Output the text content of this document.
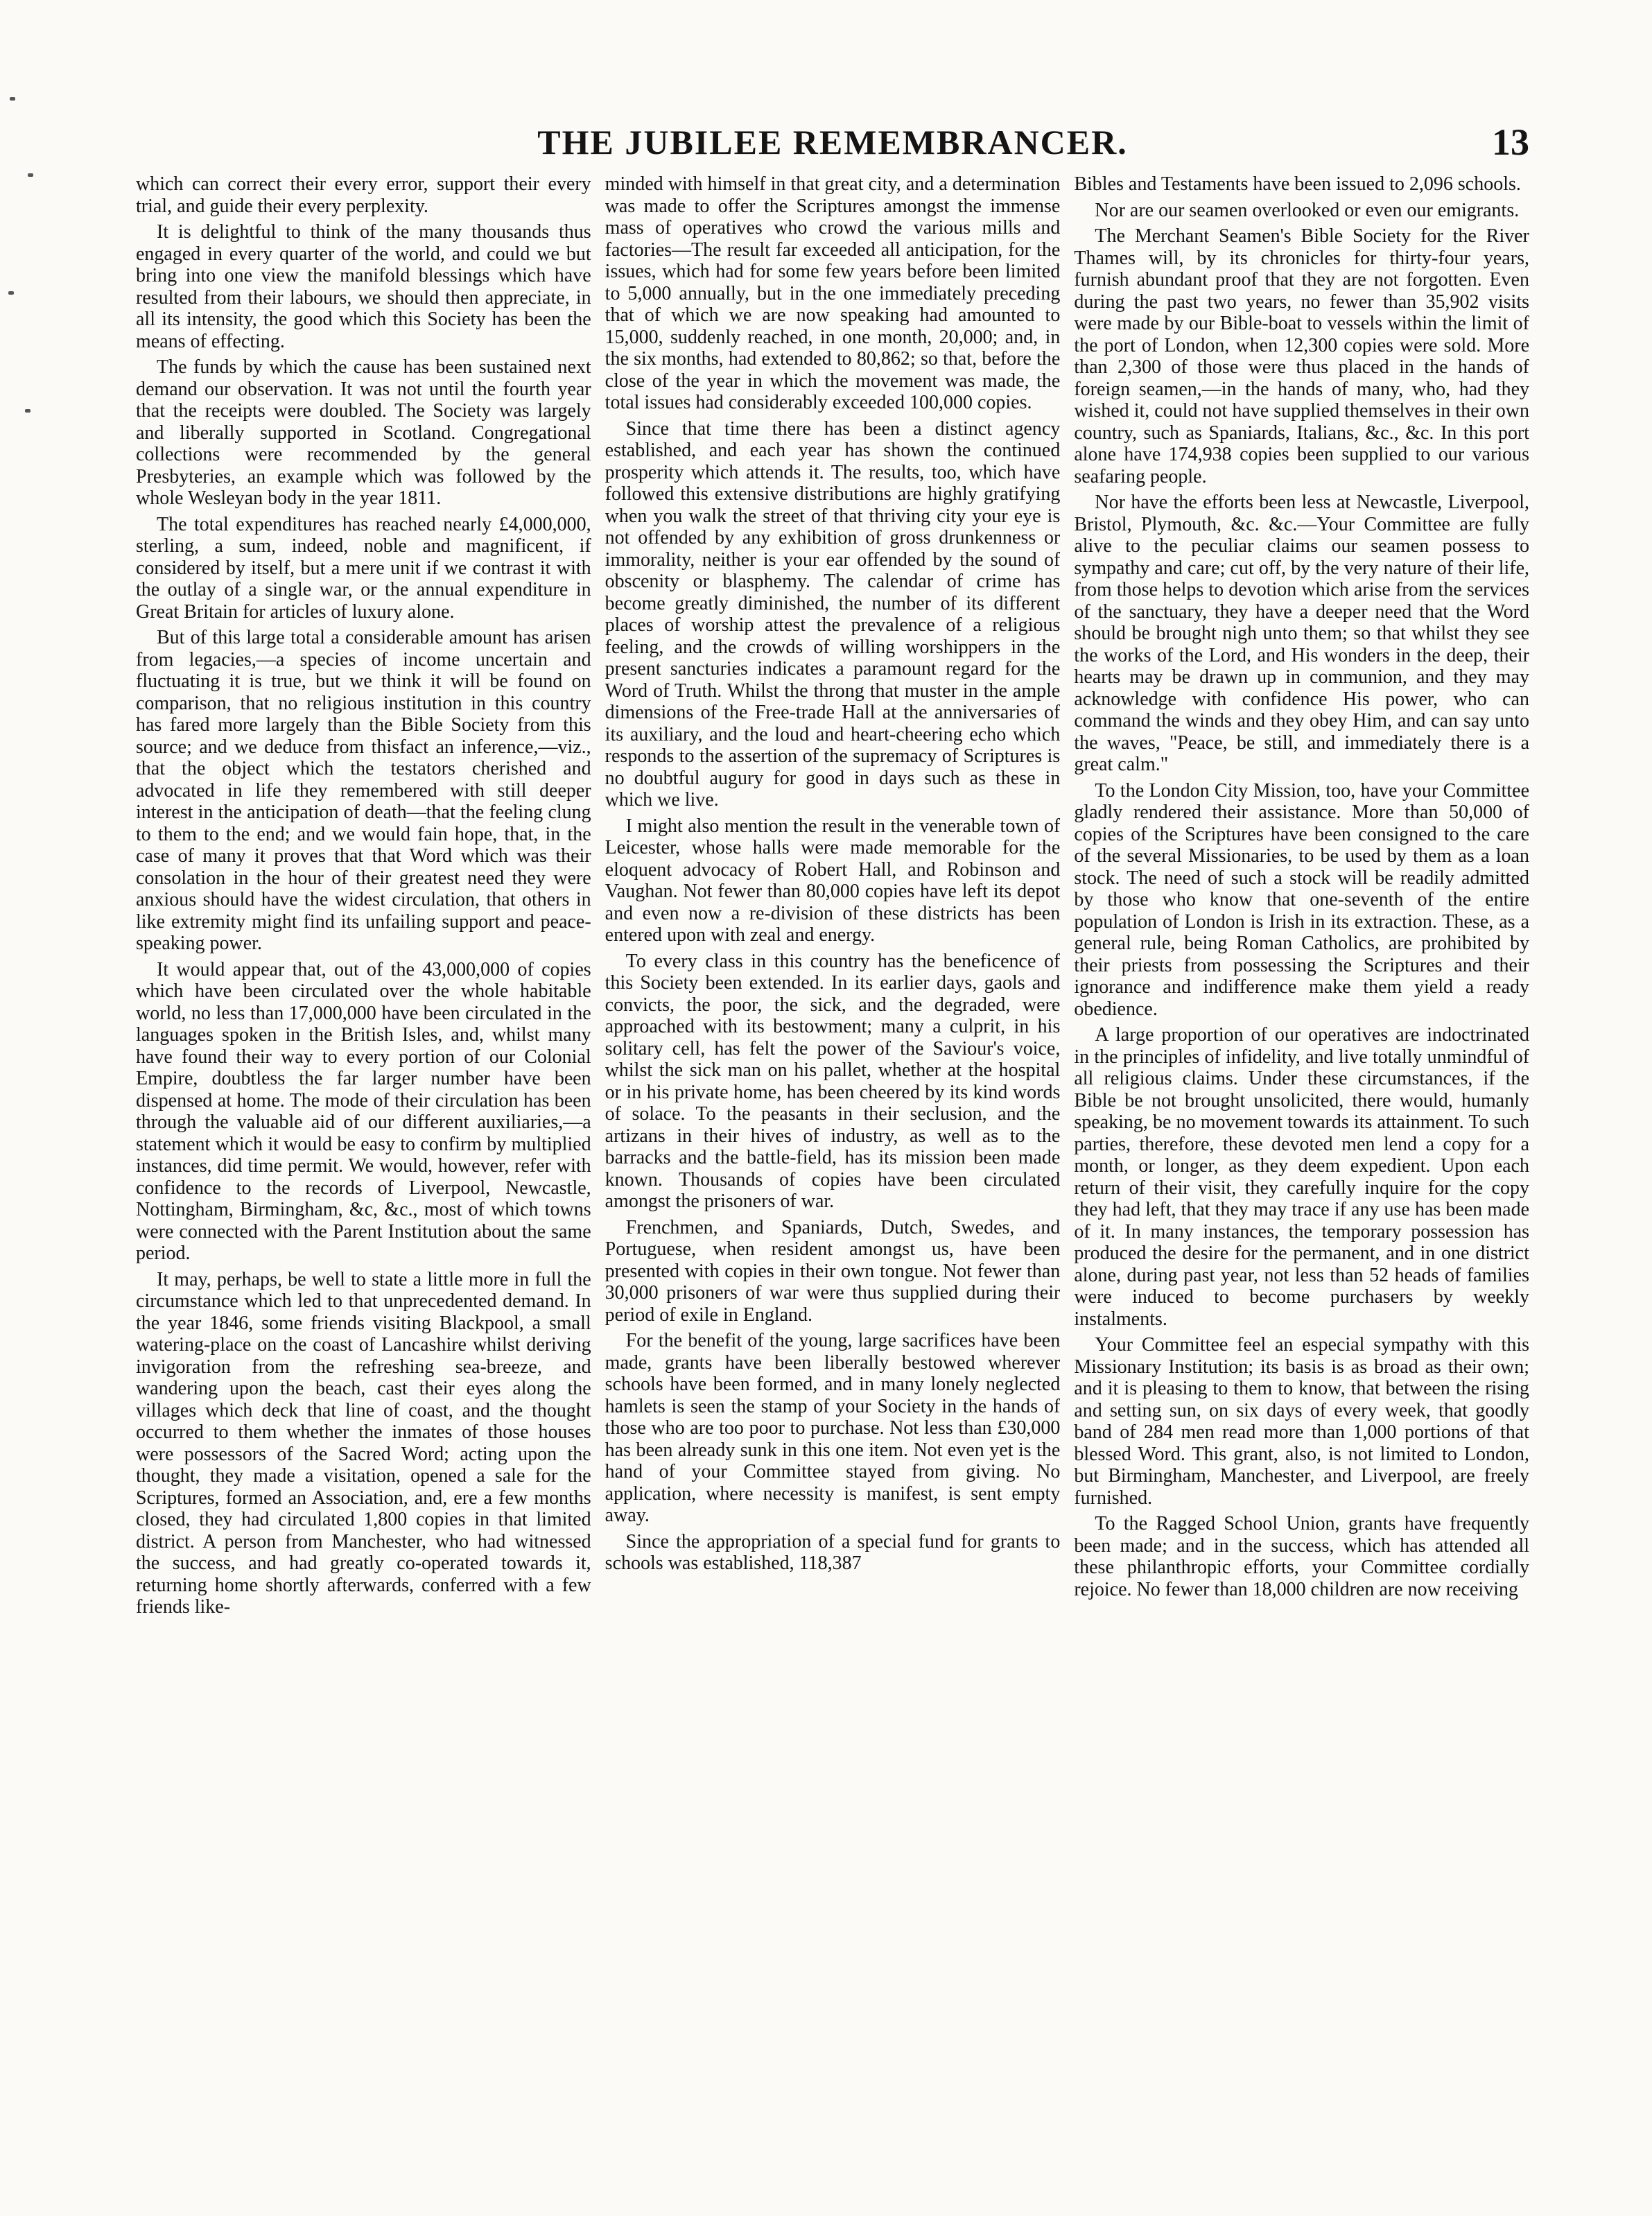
THE JUBILEE REMEMBRANCER.	13

which can correct their every error, support their every trial, and guide their every perplexity.

It is delightful to think of the many thousands thus engaged in every quarter of the world, and could we but bring into one view the manifold blessings which have resulted from their labours, we should then appreciate, in all its intensity, the good which this Society has been the means of effecting.

The funds by which the cause has been sustained next demand our observation. It was not until the fourth year that the receipts were doubled. The Society was largely and liberally supported in Scotland. Congregational collections were recommended by the general Presbyteries, an example which was followed by the whole Wesleyan body in the year 1811.

The total expenditures has reached nearly £4,000,000, sterling, a sum, indeed, noble and magnificent, if considered by itself, but a mere unit if we contrast it with the outlay of a single war, or the annual expenditure in Great Britain for articles of luxury alone.

But of this large total a considerable amount has arisen from legacies,—a species of income uncertain and fluctuating it is true, but we think it will be found on comparison, that no religious institution in this country has fared more largely than the Bible Society from this source; and we deduce from thisfact an inference,—viz., that the object which the testators cherished and advocated in life they remembered with still deeper interest in the anticipation of death—that the feeling clung to them to the end; and we would fain hope, that, in the case of many it proves that that Word which was their consolation in the hour of their greatest need they were anxious should have the widest circulation, that others in like extremity might find its unfailing support and peace-speaking power.

It would appear that, out of the 43,000,000 of copies which have been circulated over the whole habitable world, no less than 17,000,000 have been circulated in the languages spoken in the British Isles, and, whilst many have found their way to every portion of our Colonial Empire, doubtless the far larger number have been dispensed at home. The mode of their circulation has been through the valuable aid of our different auxiliaries,—a statement which it would be easy to confirm by multiplied instances, did time permit. We would, however, refer with confidence to the records of Liverpool, Newcastle, Nottingham, Birmingham, &c, &c., most of which towns were connected with the Parent Institution about the same period.

It may, perhaps, be well to state a little more in full the circumstance which led to that unprecedented demand. In the year 1846, some friends visiting Blackpool, a small watering-place on the coast of Lancashire whilst deriving invigoration from the refreshing sea-breeze, and wandering upon the beach, cast their eyes along the villages which deck that line of coast, and the thought occurred to them whether the inmates of those houses were possessors of the Sacred Word; acting upon the thought, they made a visitation, opened a sale for the Scriptures, formed an Association, and, ere a few months closed, they had circulated 1,800 copies in that limited district. A person from Manchester, who had witnessed the success, and had greatly co-operated towards it, returning home shortly afterwards, conferred with a few friends like-

minded with himself in that great city, and a determination was made to offer the Scriptures amongst the immense mass of operatives who crowd the various mills and factories—The result far exceeded all anticipation, for the issues, which had for some few years before been limited to 5,000 annually, but in the one immediately preceding that of which we are now speaking had amounted to 15,000, suddenly reached, in one month, 20,000; and, in the six months, had extended to 80,862; so that, before the close of the year in which the movement was made, the total issues had considerably exceeded 100,000 copies.

Since that time there has been a distinct agency established, and each year has shown the continued prosperity which attends it. The results, too, which have followed this extensive distributions are highly gratifying when you walk the street of that thriving city your eye is not offended by any exhibition of gross drunkenness or immorality, neither is your ear offended by the sound of obscenity or blasphemy. The calendar of crime has become greatly diminished, the number of its different places of worship attest the prevalence of a religious feeling, and the crowds of willing worshippers in the present sancturies indicates a paramount regard for the Word of Truth. Whilst the throng that muster in the ample dimensions of the Free-trade Hall at the anniversaries of its auxiliary, and the loud and heart-cheering echo which responds to the assertion of the supremacy of Scriptures is no doubtful augury for good in days such as these in which we live.

I might also mention the result in the venerable town of Leicester, whose halls were made memorable for the eloquent advocacy of Robert Hall, and Robinson and Vaughan. Not fewer than 80,000 copies have left its depot and even now a re-division of these districts has been entered upon with zeal and energy.

To every class in this country has the beneficence of this Society been extended. In its earlier days, gaols and convicts, the poor, the sick, and the degraded, were approached with its bestowment; many a culprit, in his solitary cell, has felt the power of the Saviour's voice, whilst the sick man on his pallet, whether at the hospital or in his private home, has been cheered by its kind words of solace. To the peasants in their seclusion, and the artizans in their hives of industry, as well as to the barracks and the battle-field, has its mission been made known. Thousands of copies have been circulated amongst the prisoners of war.

Frenchmen, and Spaniards, Dutch, Swedes, and Portuguese, when resident amongst us, have been presented with copies in their own tongue. Not fewer than 30,000 prisoners of war were thus supplied during their period of exile in England.

For the benefit of the young, large sacrifices have been made, grants have been liberally bestowed wherever schools have been formed, and in many lonely neglected hamlets is seen the stamp of your Society in the hands of those who are too poor to purchase. Not less than £30,000 has been already sunk in this one item. Not even yet is the hand of your Committee stayed from giving. No application, where necessity is manifest, is sent empty away.

Since the appropriation of a special fund for grants to schools was established, 118,387

Bibles and Testaments have been issued to 2,096 schools.

Nor are our seamen overlooked or even our emigrants.

The Merchant Seamen's Bible Society for the River Thames will, by its chronicles for thirty-four years, furnish abundant proof that they are not forgotten. Even during the past two years, no fewer than 35,902 visits were made by our Bible-boat to vessels within the limit of the port of London, when 12,300 copies were sold. More than 2,300 of those were thus placed in the hands of foreign seamen,—in the hands of many, who, had they wished it, could not have supplied themselves in their own country, such as Spaniards, Italians, &c., &c. In this port alone have 174,938 copies been supplied to our various seafaring people.

Nor have the efforts been less at Newcastle, Liverpool, Bristol, Plymouth, &c. &c.—Your Committee are fully alive to the peculiar claims our seamen possess to sympathy and care; cut off, by the very nature of their life, from those helps to devotion which arise from the services of the sanctuary, they have a deeper need that the Word should be brought nigh unto them; so that whilst they see the works of the Lord, and His wonders in the deep, their hearts may be drawn up in communion, and they may acknowledge with confidence His power, who can command the winds and they obey Him, and can say unto the waves, "Peace, be still, and immediately there is a great calm."

To the London City Mission, too, have your Committee gladly rendered their assistance. More than 50,000 of copies of the Scriptures have been consigned to the care of the several Missionaries, to be used by them as a loan stock. The need of such a stock will be readily admitted by those who know that one-seventh of the entire population of London is Irish in its extraction. These, as a general rule, being Roman Catholics, are prohibited by their priests from possessing the Scriptures and their ignorance and indifference make them yield a ready obedience.

A large proportion of our operatives are indoctrinated in the principles of infidelity, and live totally unmindful of all religious claims. Under these circumstances, if the Bible be not brought unsolicited, there would, humanly speaking, be no movement towards its attainment. To such parties, therefore, these devoted men lend a copy for a month, or longer, as they deem expedient. Upon each return of their visit, they carefully inquire for the copy they had left, that they may trace if any use has been made of it. In many instances, the temporary possession has produced the desire for the permanent, and in one district alone, during past year, not less than 52 heads of families were induced to become purchasers by weekly instalments.

Your Committee feel an especial sympathy with this Missionary Institution; its basis is as broad as their own; and it is pleasing to them to know, that between the rising and setting sun, on six days of every week, that goodly band of 284 men read more than 1,000 portions of that blessed Word. This grant, also, is not limited to London, but Birmingham, Manchester, and Liverpool, are freely furnished.

To the Ragged School Union, grants have frequently been made; and in the success, which has attended all these philanthropic efforts, your Committee cordially rejoice. No fewer than 18,000 children are now receiving
